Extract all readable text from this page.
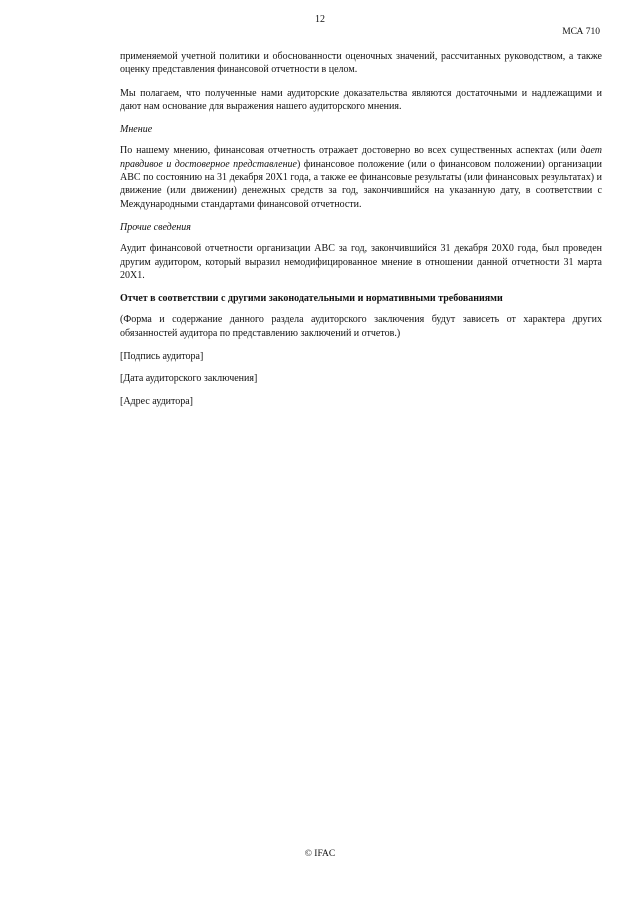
12
МСА 710

применяемой учетной политики и обоснованности оценочных значений, рассчитанных руководством, а также оценку представления финансовой отчетности в целом.

Мы полагаем, что полученные нами аудиторские доказательства являются достаточными и надлежащими и дают нам основание для выражения нашего аудиторского мнения.

Мнение

По нашему мнению, финансовая отчетность отражает достоверно во всех существенных аспектах (или дает правдивое и достоверное представление) финансовое положение (или о финансовом положении) организации ABC по состоянию на 31 декабря 20X1 года, а также ее финансовые результаты (или финансовых результатах) и движение (или движении) денежных средств за год, закончившийся на указанную дату, в соответствии с Международными стандартами финансовой отчетности.

Прочие сведения

Аудит финансовой отчетности организации ABC за год, закончившийся 31 декабря 20X0 года, был проведен другим аудитором, который выразил немодифицированное мнение в отношении данной отчетности 31 марта 20X1.

Отчет в соответствии с другими законодательными и нормативными требованиями

(Форма и содержание данного раздела аудиторского заключения будут зависеть от характера других обязанностей аудитора по представлению заключений и отчетов.)

[Подпись аудитора]

[Дата аудиторского заключения]

[Адрес аудитора]

© IFAC
